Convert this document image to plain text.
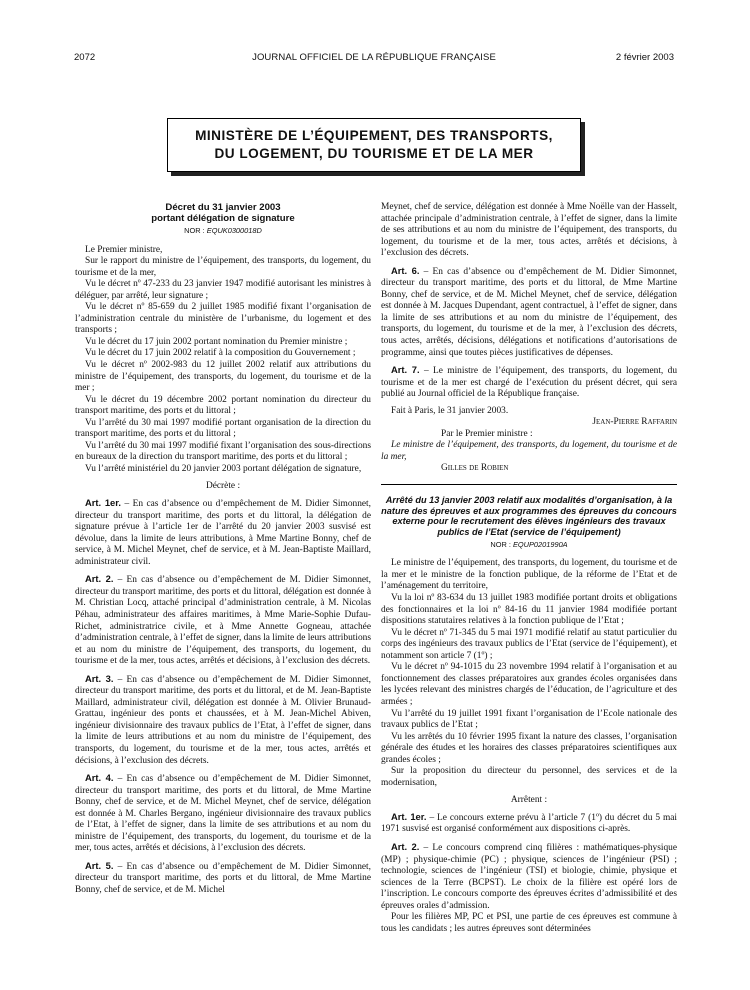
2072	JOURNAL OFFICIEL DE LA RÉPUBLIQUE FRANÇAISE	2 février 2003
MINISTÈRE DE L’ÉQUIPEMENT, DES TRANSPORTS,
DU LOGEMENT, DU TOURISME ET DE LA MER
Décret du 31 janvier 2003
portant délégation de signature
NOR : EQUK0300018D

Le Premier ministre,

Sur le rapport du ministre de l’équipement, des transports, du logement, du tourisme et de la mer,

Vu le décret nº 47-233 du 23 janvier 1947 modifié autorisant les ministres à déléguer, par arrêté, leur signature ;

Vu le décret nº 85-659 du 2 juillet 1985 modifié fixant l’organisation de l’administration centrale du ministère de l’urbanisme, du logement et des transports ;

Vu le décret du 17 juin 2002 portant nomination du Premier ministre ;

Vu le décret du 17 juin 2002 relatif à la composition du Gouvernement ;

Vu le décret nº 2002-983 du 12 juillet 2002 relatif aux attributions du ministre de l’équipement, des transports, du logement, du tourisme et de la mer ;

Vu le décret du 19 décembre 2002 portant nomination du directeur du transport maritime, des ports et du littoral ;

Vu l’arrêté du 30 mai 1997 modifié portant organisation de la direction du transport maritime, des ports et du littoral ;

Vu l’arrêté du 30 mai 1997 modifié fixant l’organisation des sous-directions en bureaux de la direction du transport maritime, des ports et du littoral ;

Vu l’arrêté ministériel du 20 janvier 2003 portant délégation de signature,

Décrète :

Art. 1er. – En cas d’absence ou d’empêchement de M. Didier Simonnet, directeur du transport maritime, des ports et du littoral, la délégation de signature prévue à l’article 1er de l’arrêté du 20 janvier 2003 susvisé est dévolue, dans la limite de leurs attributions, à Mme Martine Bonny, chef de service, à M. Michel Meynet, chef de service, et à M. Jean-Baptiste Maillard, administrateur civil.

Art. 2. – En cas d’absence ou d’empêchement de M. Didier Simonnet, directeur du transport maritime, des ports et du littoral, délégation est donnée à M. Christian Locq, attaché principal d’administration centrale, à M. Nicolas Péhau, administrateur des affaires maritimes, à Mme Marie-Sophie Dufau-Richet, administratrice civile, et à Mme Annette Gogneau, attachée d’administration centrale, à l’effet de signer, dans la limite de leurs attributions et au nom du ministre de l’équipement, des transports, du logement, du tourisme et de la mer, tous actes, arrêtés et décisions, à l’exclusion des décrets.

Art. 3. – En cas d’absence ou d’empêchement de M. Didier Simonnet, directeur du transport maritime, des ports et du littoral, et de M. Jean-Baptiste Maillard, administrateur civil, délégation est donnée à M. Olivier Brunaud-Grattau, ingénieur des ponts et chaussées, et à M. Jean-Michel Abiven, ingénieur divisionnaire des travaux publics de l’Etat, à l’effet de signer, dans la limite de leurs attributions et au nom du ministre de l’équipement, des transports, du logement, du tourisme et de la mer, tous actes, arrêtés et décisions, à l’exclusion des décrets.

Art. 4. – En cas d’absence ou d’empêchement de M. Didier Simonnet, directeur du transport maritime, des ports et du littoral, de Mme Martine Bonny, chef de service, et de M. Michel Meynet, chef de service, délégation est donnée à M. Charles Bergano, ingénieur divisionnaire des travaux publics de l’Etat, à l’effet de signer, dans la limite de ses attributions et au nom du ministre de l’équipement, des transports, du logement, du tourisme et de la mer, tous actes, arrêtés et décisions, à l’exclusion des décrets.

Art. 5. – En cas d’absence ou d’empêchement de M. Didier Simonnet, directeur du transport maritime, des ports et du littoral, de Mme Martine Bonny, chef de service, et de M. Michel

Meynet, chef de service, délégation est donnée à Mme Noëlle van der Hasselt, attachée principale d’administration centrale, à l’effet de signer, dans la limite de ses attributions et au nom du ministre de l’équipement, des transports, du logement, du tourisme et de la mer, tous actes, arrêtés et décisions, à l’exclusion des décrets.

Art. 6. – En cas d’absence ou d’empêchement de M. Didier Simonnet, directeur du transport maritime, des ports et du littoral, de Mme Martine Bonny, chef de service, et de M. Michel Meynet, chef de service, délégation est donnée à M. Jacques Dupendant, agent contractuel, à l’effet de signer, dans la limite de ses attributions et au nom du ministre de l’équipement, des transports, du logement, du tourisme et de la mer, à l’exclusion des décrets, tous actes, arrêtés, décisions, délégations et notifications d’autorisations de programme, ainsi que toutes pièces justificatives de dépenses.

Art. 7. – Le ministre de l’équipement, des transports, du logement, du tourisme et de la mer est chargé de l’exécution du présent décret, qui sera publié au Journal officiel de la République française.

Fait à Paris, le 31 janvier 2003.

Jean-Pierre Raffarin

Par le Premier ministre :

Le ministre de l’équipement, des transports, du logement, du tourisme et de la mer,

Gilles de Robien

Arrêté du 13 janvier 2003 relatif aux modalités d’organisation, à la nature des épreuves et aux programmes des épreuves du concours externe pour le recrutement des élèves ingénieurs des travaux publics de l’Etat (service de l’équipement)
NOR : EQUP0201990A

Le ministre de l’équipement, des transports, du logement, du tourisme et de la mer et le ministre de la fonction publique, de la réforme de l’Etat et de l’aménagement du territoire,

Vu la loi nº 83-634 du 13 juillet 1983 modifiée portant droits et obligations des fonctionnaires et la loi nº 84-16 du 11 janvier 1984 modifiée portant dispositions statutaires relatives à la fonction publique de l’Etat ;

Vu le décret nº 71-345 du 5 mai 1971 modifié relatif au statut particulier du corps des ingénieurs des travaux publics de l’Etat (service de l’équipement), et notamment son article 7 (1º) ;

Vu le décret nº 94-1015 du 23 novembre 1994 relatif à l’organisation et au fonctionnement des classes préparatoires aux grandes écoles organisées dans les lycées relevant des ministres chargés de l’éducation, de l’agriculture et des armées ;

Vu l’arrêté du 19 juillet 1991 fixant l’organisation de l’Ecole nationale des travaux publics de l’Etat ;

Vu les arrêtés du 10 février 1995 fixant la nature des classes, l’organisation générale des études et les horaires des classes préparatoires scientifiques aux grandes écoles ;

Sur la proposition du directeur du personnel, des services et de la modernisation,

Arrêtent :

Art. 1er. – Le concours externe prévu à l’article 7 (1º) du décret du 5 mai 1971 susvisé est organisé conformément aux dispositions ci-après.

Art. 2. – Le concours comprend cinq filières : mathématiques-physique (MP) ; physique-chimie (PC) ; physique, sciences de l’ingénieur (PSI) ; technologie, sciences de l’ingénieur (TSI) et biologie, chimie, physique et sciences de la Terre (BCPST). Le choix de la filière est opéré lors de l’inscription. Le concours comporte des épreuves écrites d’admissibilité et des épreuves orales d’admission.

Pour les filières MP, PC et PSI, une partie de ces épreuves est commune à tous les candidats ; les autres épreuves sont déterminées
